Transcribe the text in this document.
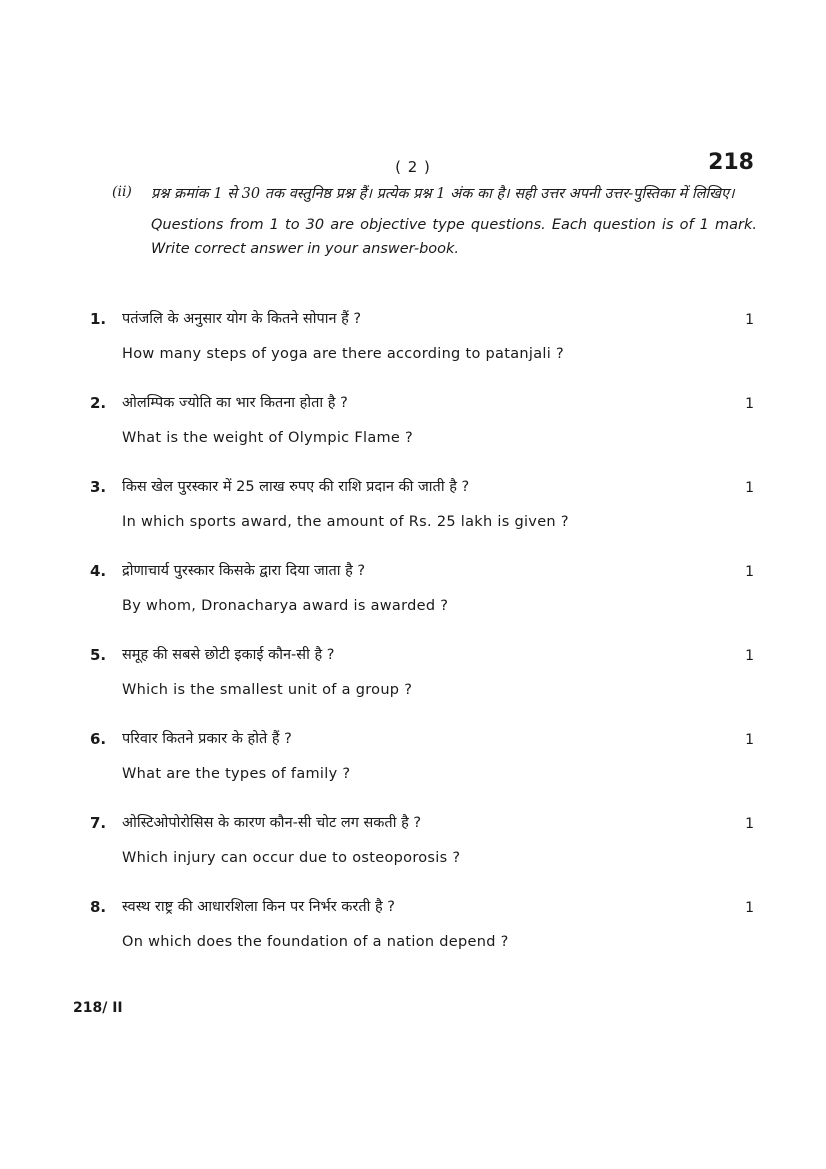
( 2 )	218
(ii) प्रश्न क्रमांक 1 से 30 तक वस्तुनिष्ठ प्रश्न हैं। प्रत्येक प्रश्न 1 अंक का है। सही उत्तर अपनी उत्तर-पुस्तिका में लिखिए।
Questions from 1 to 30 are objective type questions. Each question is of 1 mark. Write correct answer in your answer-book.
1. पतंजलि के अनुसार योग के कितने सोपान हैं ?	1
How many steps of yoga are there according to patanjali ?
2. ओलम्पिक ज्योति का भार कितना होता है ?	1
What is the weight of Olympic Flame ?
3. किस खेल पुरस्कार में 25 लाख रुपए की राशि प्रदान की जाती है ?	1
In which sports award, the amount of Rs. 25 lakh is given ?
4. द्रोणाचार्य पुरस्कार किसके द्वारा दिया जाता है ?	1
By whom, Dronacharya award is awarded ?
5. समूह की सबसे छोटी इकाई कौन-सी है ?	1
Which is the smallest unit of a group ?
6. परिवार कितने प्रकार के होते हैं ?	1
What are the types of family ?
7. ओस्टिओपोरोसिस के कारण कौन-सी चोट लग सकती है ?	1
Which injury can occur due to osteoporosis ?
8. स्वस्थ राष्ट्र की आधारशिला किन पर निर्भर करती है ?	1
On which does the foundation of a nation depend ?
218/ II
